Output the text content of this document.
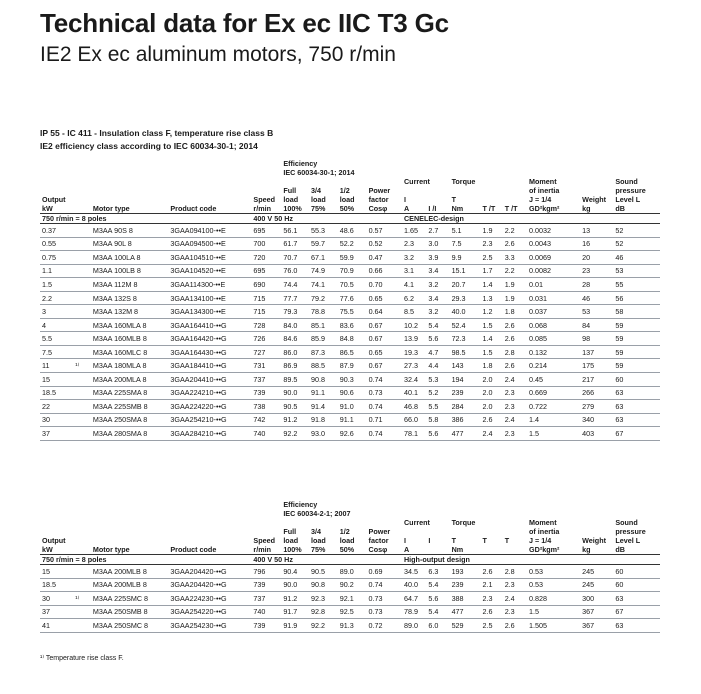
Technical data for Ex ec IIC T3 Gc
IE2 Ex ec aluminum motors, 750 r/min
IP 55 - IC 411 - Insulation class F, temperature rise class B
IE2 efficiency class according to IEC 60034-30-1; 2014
					Efficiency
IEC 60034-30-1; 2014											
									Current		Torque			Moment		Sound
					Full	3/4	1/2	Power						of inertia		pressure
Output				Speed	load	load	load	factor	I		T			J = 1/4	Weight	Level L
kW		Motor type	Product code	r/min	100%	75%	50%	Cosφ	A	I /I	Nm	T /T	T /T	GD²kgm²	kg	dB
750 r/min = 8 poles				400 V 50 Hz					CENELEC-design							
0.37		M3AA 90S 8	3GAA094100-••E	695	56.1	55.3	48.6	0.57	1.65	2.7	5.1	1.9	2.2	0.0032	13	52
0.55		M3AA 90L 8	3GAA094500-••E	700	61.7	59.7	52.2	0.52	2.3	3.0	7.5	2.3	2.6	0.0043	16	52
0.75		M3AA 100LA 8	3GAA104510-••E	720	70.7	67.1	59.9	0.47	3.2	3.9	9.9	2.5	3.3	0.0069	20	46
1.1		M3AA 100LB 8	3GAA104520-••E	695	76.0	74.9	70.9	0.66	3.1	3.4	15.1	1.7	2.2	0.0082	23	53
1.5		M3AA 112M 8	3GAA114300-••E	690	74.4	74.1	70.5	0.70	4.1	3.2	20.7	1.4	1.9	0.01	28	55
2.2		M3AA 132S 8	3GAA134100-••E	715	77.7	79.2	77.6	0.65	6.2	3.4	29.3	1.3	1.9	0.031	46	56
3		M3AA 132M 8	3GAA134300-••E	715	79.3	78.8	75.5	0.64	8.5	3.2	40.0	1.2	1.8	0.037	53	58
4		M3AA 160MLA 8	3GAA164410-••G	728	84.0	85.1	83.6	0.67	10.2	5.4	52.4	1.5	2.6	0.068	84	59
5.5		M3AA 160MLB 8	3GAA164420-••G	726	84.6	85.9	84.8	0.67	13.9	5.6	72.3	1.4	2.6	0.085	98	59
7.5		M3AA 160MLC 8	3GAA164430-••G	727	86.0	87.3	86.5	0.65	19.3	4.7	98.5	1.5	2.8	0.132	137	59
11	¹⁾	M3AA 180MLA 8	3GAA184410-••G	731	86.9	88.5	87.9	0.67	27.3	4.4	143	1.8	2.6	0.214	175	59
15		M3AA 200MLA 8	3GAA204410-••G	737	89.5	90.8	90.3	0.74	32.4	5.3	194	2.0	2.4	0.45	217	60
18.5		M3AA 225SMA 8	3GAA224210-••G	739	90.0	91.1	90.6	0.73	40.1	5.2	239	2.0	2.3	0.669	266	63
22		M3AA 225SMB 8	3GAA224220-••G	738	90.5	91.4	91.0	0.74	46.8	5.5	284	2.0	2.3	0.722	279	63
30		M3AA 250SMA 8	3GAA254210-••G	742	91.2	91.8	91.1	0.71	66.0	5.8	386	2.6	2.4	1.4	340	63
37		M3AA 280SMA 8	3GAA284210-••G	740	92.2	93.0	92.6	0.74	78.1	5.6	477	2.4	2.3	1.5	403	67
					Efficiency
IEC 60034-2-1; 2007											
									Current		Torque			Moment		Sound
					Full	3/4	1/2	Power						of inertia		pressure
Output				Speed	load	load	load	factor	I	I	T	T	T	J = 1/4	Weight	Level L
kW		Motor type	Product code	r/min	100%	75%	50%	Cosφ	A		Nm			GD²kgm²	kg	dB
750 r/min = 8 poles				400 V 50 Hz					High-output design							
15		M3AA 200MLB 8	3GAA204420-••G	796	90.4	90.5	89.0	0.69	34.5	6.3	193	2.6	2.8	0.53	245	60
18.5		M3AA 200MLB 8	3GAA204420-••G	739	90.0	90.8	90.2	0.74	40.0	5.4	239	2.1	2.3	0.53	245	60
30	¹⁾	M3AA 225SMC 8	3GAA224230-••G	737	91.2	92.3	92.1	0.73	64.7	5.6	388	2.3	2.4	0.828	300	63
37		M3AA 250SMB 8	3GAA254220-••G	740	91.7	92.8	92.5	0.73	78.9	5.4	477	2.6	2.3	1.5	367	67
41		M3AA 250SMC 8	3GAA254230-••G	739	91.9	92.2	91.3	0.72	89.0	6.0	529	2.5	2.6	1.505	367	63
¹⁾ Temperature rise class F.
